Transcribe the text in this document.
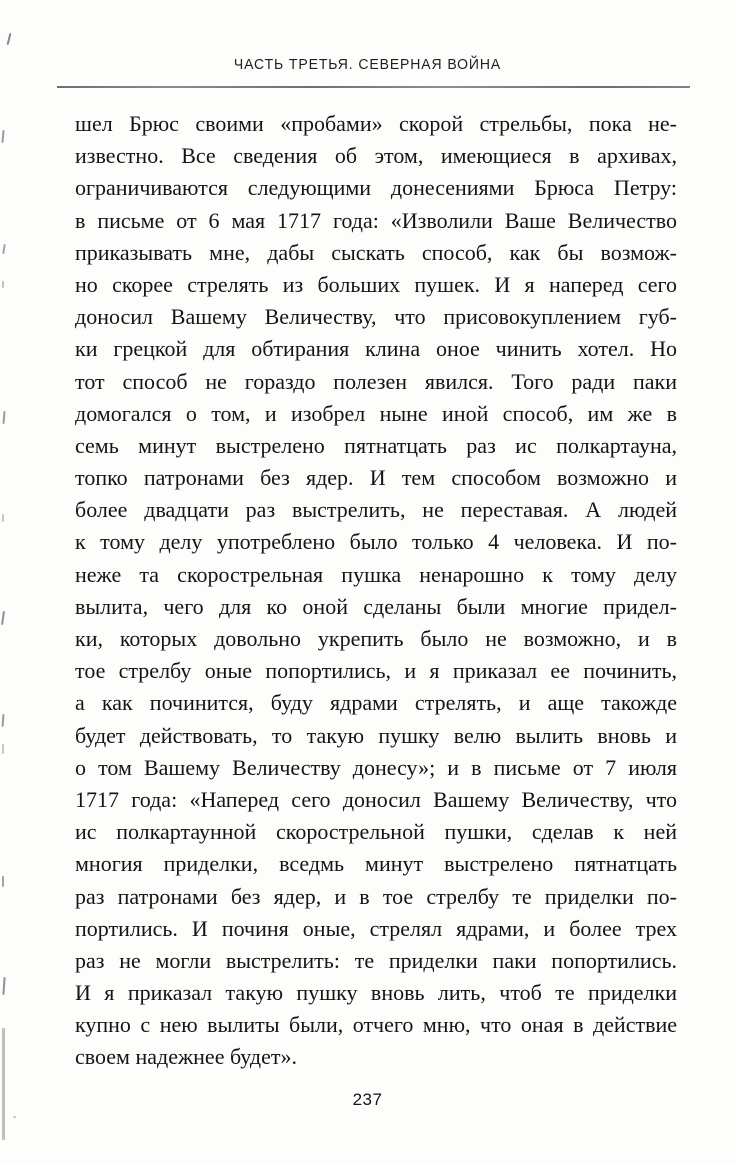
ЧАСТЬ ТРЕТЬЯ. СЕВЕРНАЯ ВОЙНА
шел Брюс своими «пробами» скорой стрельбы, пока не-
известно. Все сведения об этом, имеющиеся в архивах,
ограничиваются следующими донесениями Брюса Петру:
в письме от 6 мая 1717 года: «Изволили Ваше Величество
приказывать мне, дабы сыскать способ, как бы возмож-
но скорее стрелять из больших пушек. И я наперед сего
доносил Вашему Величеству, что присовокуплением губ-
ки грецкой для обтирания клина оное чинить хотел. Но
тот способ не гораздо полезен явился. Того ради паки
домогался о том, и изобрел ныне иной способ, им же в
семь минут выстрелено пятнатцать раз ис полкартауна,
топко патронами без ядер. И тем способом возможно и
более двадцати раз выстрелить, не переставая. А людей
к тому делу употреблено было только 4 человека. И по-
неже та скорострельная пушка ненарошно к тому делу
вылита, чего для ко оной сделаны были многие придел-
ки, которых довольно укрепить было не возможно, и в
тое стрелбу оные попортились, и я приказал ее починить,
а как починится, буду ядрами стрелять, и аще такожде
будет действовать, то такую пушку велю вылить вновь и
о том Вашему Величеству донесу»; и в письме от 7 июля
1717 года: «Наперед сего доносил Вашему Величеству, что
ис полкартаунной скорострельной пушки, сделав к ней
многия приделки, вседмь минут выстрелено пятнатцать
раз патронами без ядер, и в тое стрелбу те приделки по-
портились. И починя оные, стрелял ядрами, и более трех
раз не могли выстрелить: те приделки паки попортились.
И я приказал такую пушку вновь лить, чтоб те приделки
купно с нею вылиты были, отчего мню, что оная в действие
своем надежнее будет».
237
